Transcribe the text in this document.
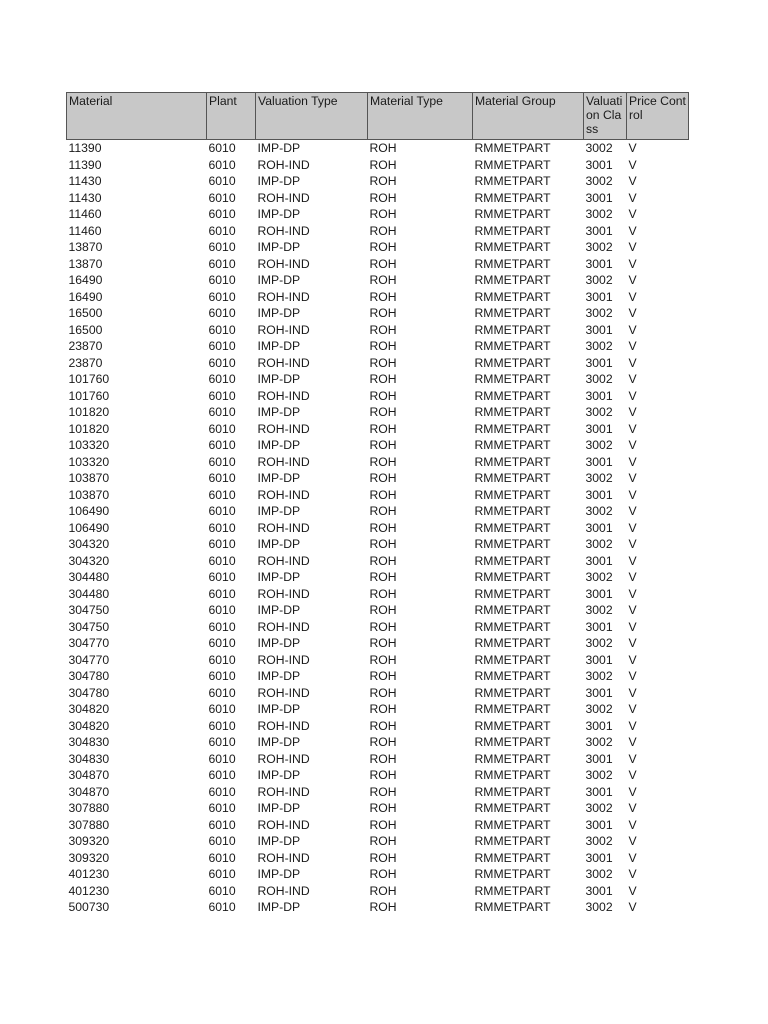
Material	Plant	Valuation Type	Material Type	Material Group	Valuation Class	Price Control
11390	6010	IMP-DP	ROH	RMMETPART	3002	V
11390	6010	ROH-IND	ROH	RMMETPART	3001	V
11430	6010	IMP-DP	ROH	RMMETPART	3002	V
11430	6010	ROH-IND	ROH	RMMETPART	3001	V
11460	6010	IMP-DP	ROH	RMMETPART	3002	V
11460	6010	ROH-IND	ROH	RMMETPART	3001	V
13870	6010	IMP-DP	ROH	RMMETPART	3002	V
13870	6010	ROH-IND	ROH	RMMETPART	3001	V
16490	6010	IMP-DP	ROH	RMMETPART	3002	V
16490	6010	ROH-IND	ROH	RMMETPART	3001	V
16500	6010	IMP-DP	ROH	RMMETPART	3002	V
16500	6010	ROH-IND	ROH	RMMETPART	3001	V
23870	6010	IMP-DP	ROH	RMMETPART	3002	V
23870	6010	ROH-IND	ROH	RMMETPART	3001	V
101760	6010	IMP-DP	ROH	RMMETPART	3002	V
101760	6010	ROH-IND	ROH	RMMETPART	3001	V
101820	6010	IMP-DP	ROH	RMMETPART	3002	V
101820	6010	ROH-IND	ROH	RMMETPART	3001	V
103320	6010	IMP-DP	ROH	RMMETPART	3002	V
103320	6010	ROH-IND	ROH	RMMETPART	3001	V
103870	6010	IMP-DP	ROH	RMMETPART	3002	V
103870	6010	ROH-IND	ROH	RMMETPART	3001	V
106490	6010	IMP-DP	ROH	RMMETPART	3002	V
106490	6010	ROH-IND	ROH	RMMETPART	3001	V
304320	6010	IMP-DP	ROH	RMMETPART	3002	V
304320	6010	ROH-IND	ROH	RMMETPART	3001	V
304480	6010	IMP-DP	ROH	RMMETPART	3002	V
304480	6010	ROH-IND	ROH	RMMETPART	3001	V
304750	6010	IMP-DP	ROH	RMMETPART	3002	V
304750	6010	ROH-IND	ROH	RMMETPART	3001	V
304770	6010	IMP-DP	ROH	RMMETPART	3002	V
304770	6010	ROH-IND	ROH	RMMETPART	3001	V
304780	6010	IMP-DP	ROH	RMMETPART	3002	V
304780	6010	ROH-IND	ROH	RMMETPART	3001	V
304820	6010	IMP-DP	ROH	RMMETPART	3002	V
304820	6010	ROH-IND	ROH	RMMETPART	3001	V
304830	6010	IMP-DP	ROH	RMMETPART	3002	V
304830	6010	ROH-IND	ROH	RMMETPART	3001	V
304870	6010	IMP-DP	ROH	RMMETPART	3002	V
304870	6010	ROH-IND	ROH	RMMETPART	3001	V
307880	6010	IMP-DP	ROH	RMMETPART	3002	V
307880	6010	ROH-IND	ROH	RMMETPART	3001	V
309320	6010	IMP-DP	ROH	RMMETPART	3002	V
309320	6010	ROH-IND	ROH	RMMETPART	3001	V
401230	6010	IMP-DP	ROH	RMMETPART	3002	V
401230	6010	ROH-IND	ROH	RMMETPART	3001	V
500730	6010	IMP-DP	ROH	RMMETPART	3002	V
